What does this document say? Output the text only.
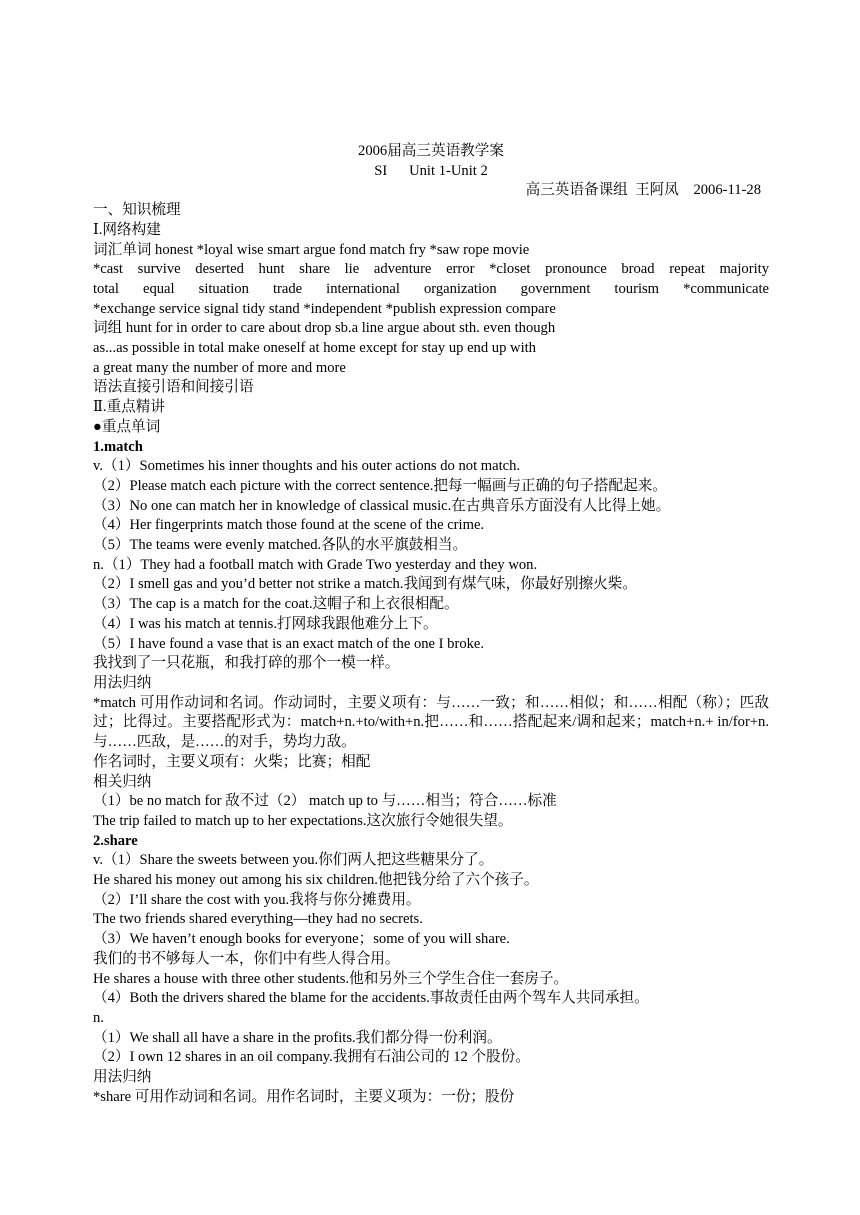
2006届高三英语教学案
SI      Unit 1-Unit 2
高三英语备课组  王阿凤    2006-11-28
一、知识梳理
Ⅰ.网络构建
词汇单词 honest *loyal wise smart argue fond match fry *saw rope movie
*cast survive deserted hunt share lie adventure error *closet pronounce broad repeat majority
total equal situation trade international organization government tourism *communicate
*exchange service signal tidy stand *independent *publish expression compare
词组 hunt for in order to care about drop sb.a line argue about sth. even though
as...as possible in total make oneself at home except for stay up end up with
a great many the number of more and more
语法直接引语和间接引语
Ⅱ.重点精讲
●重点单词
1.match
v.（1）Sometimes his inner thoughts and his outer actions do not match.
（2）Please match each picture with the correct sentence.把每一幅画与正确的句子搭配起来。
（3）No one can match her in knowledge of classical music.在古典音乐方面没有人比得上她。
（4）Her fingerprints match those found at the scene of the crime.
（5）The teams were evenly matched.各队的水平旗鼓相当。
n.（1）They had a football match with Grade Two yesterday and they won.
（2）I smell gas and you’d better not strike a match.我闻到有煤气味，你最好别擦火柴。
（3）The cap is a match for the coat.这帽子和上衣很相配。
（4）I was his match at tennis.打网球我跟他难分上下。
（5）I have found a vase that is an exact match of the one I broke.
我找到了一只花瓶，和我打碎的那个一模一样。
用法归纳
*match 可用作动词和名词。作动词时，主要义项有：与……一致；和……相似；和……相配（称）；匹敌过；比得过。主要搭配形式为：match+n.+to/with+n.把……和……搭配起来/调和起来；match+n.+ in/for+n.与……匹敌，是……的对手，势均力敌。
作名词时，主要义项有：火柴；比赛；相配
相关归纳
（1）be no match for 敌不过（2） match up to 与……相当；符合……标准
The trip failed to match up to her expectations.这次旅行令她很失望。
2.share
v.（1）Share the sweets between you.你们两人把这些糖果分了。
He shared his money out among his six children.他把钱分给了六个孩子。
（2）I’ll share the cost with you.我将与你分摊费用。
The two friends shared everything—they had no secrets.
（3）We haven’t enough books for everyone；some of you will share.
我们的书不够每人一本，你们中有些人得合用。
He shares a house with three other students.他和另外三个学生合住一套房子。
（4）Both the drivers shared the blame for the accidents.事故责任由两个驾车人共同承担。
n.
（1）We shall all have a share in the profits.我们都分得一份利润。
（2）I own 12 shares in an oil company.我拥有石油公司的 12 个股份。
用法归纳
*share 可用作动词和名词。用作名词时，主要义项为：一份；股份
